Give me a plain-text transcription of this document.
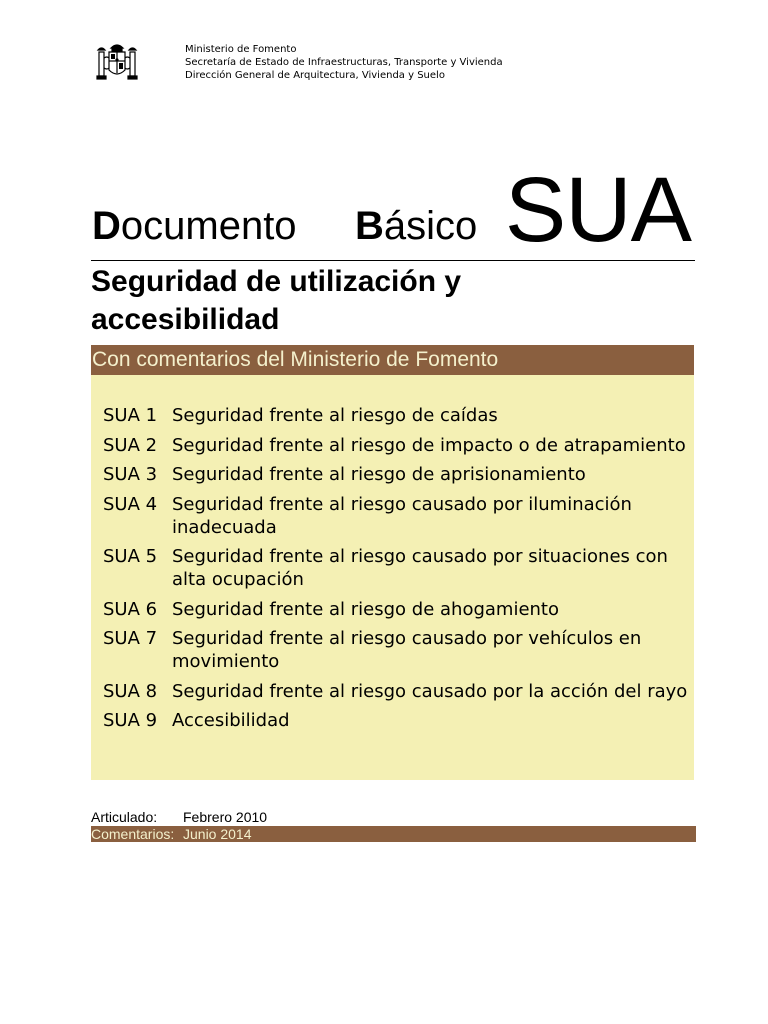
Ministerio de Fomento
Secretaría de Estado de Infraestructuras, Transporte y Vivienda
Dirección General de Arquitectura, Vivienda y Suelo
Documento Básico SUA
Seguridad de utilización y
accesibilidad
Con comentarios del Ministerio de Fomento
SUA 1 Seguridad frente al riesgo de caídas
SUA 2 Seguridad frente al riesgo de impacto o de atrapamiento
SUA 3 Seguridad frente al riesgo de aprisionamiento
SUA 4 Seguridad frente al riesgo causado por iluminación inadecuada
SUA 5 Seguridad frente al riesgo causado por situaciones con alta ocupación
SUA 6 Seguridad frente al riesgo de ahogamiento
SUA 7 Seguridad frente al riesgo causado por vehículos en movimiento
SUA 8 Seguridad frente al riesgo causado por la acción del rayo
SUA 9 Accesibilidad
Articulado:	Febrero 2010
Comentarios: Junio 2014
